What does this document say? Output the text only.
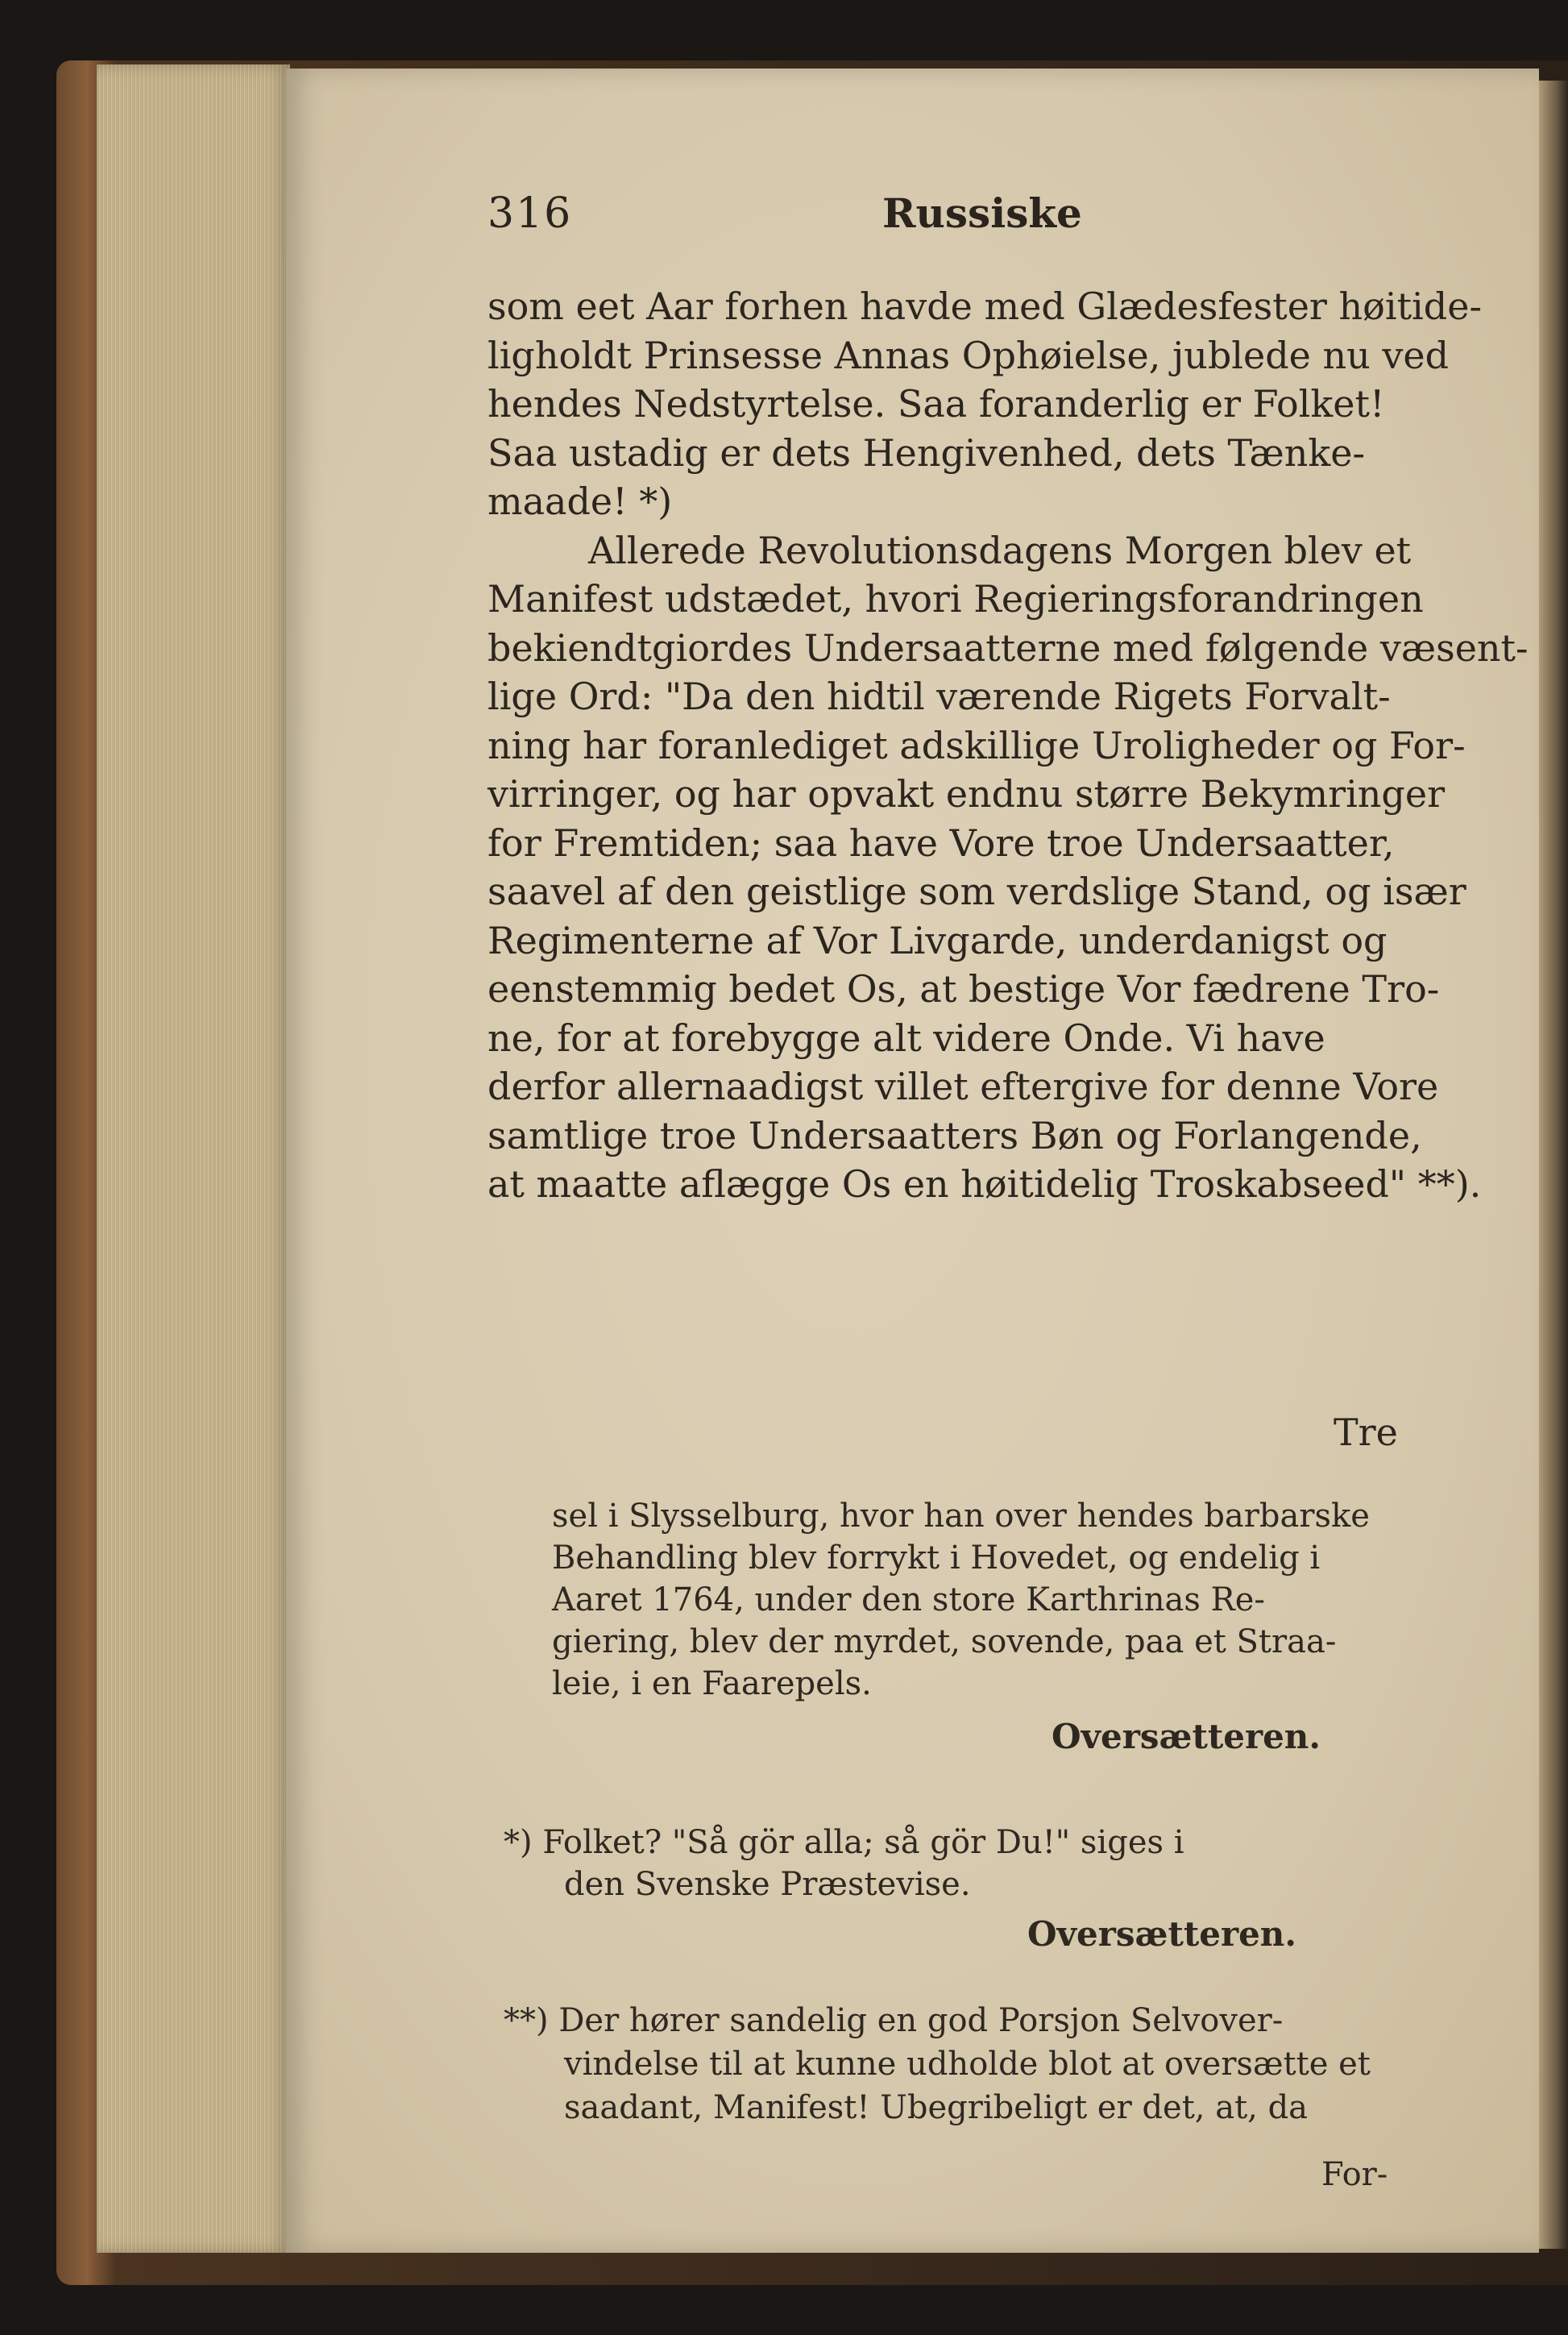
316	Russiske
som eet Aar forhen havde med Glædesfester høitide-
ligholdt Prinsesse Annas Ophøielse, jublede nu ved
hendes Nedstyrtelse. Saa foranderlig er Folket!
Saa ustadig er dets Hengivenhed, dets Tænke-
maade! *)
Allerede Revolutionsdagens Morgen blev et
Manifest udstædet, hvori Regieringsforandringen
bekiendtgiordes Undersaatterne med følgende væsent-
lige Ord: "Da den hidtil værende Rigets Forvalt-
ning har foranlediget adskillige Uroligheder og For-
virringer, og har opvakt endnu større Bekymringer
for Fremtiden; saa have Vore troe Undersaatter,
saavel af den geistlige som verdslige Stand, og især
Regimenterne af Vor Livgarde, underdanigst og
eenstemmig bedet Os, at bestige Vor fædrene Tro-
ne, for at forebygge alt videre Onde. Vi have
derfor allernaadigst villet eftergive for denne Vore
samtlige troe Undersaatters Bøn og Forlangende,
at maatte aflægge Os en høitidelig Troskabseed" **).
Tre
sel i Slysselburg, hvor han over hendes barbarske
Behandling blev forrykt i Hovedet, og endelig i
Aaret 1764, under den store Karthrinas Re-
giering, blev der myrdet, sovende, paa et Straa-
leie, i en Faarepels.
Oversætteren.
*) Folket? "Så gör alla; så gör Du!" siges i
den Svenske Præstevise.
Oversætteren.
**) Der hører sandelig en god Porsjon Selvover-
vindelse til at kunne udholde blot at oversætte et
saadant, Manifest! Ubegribeligt er det, at, da
For-
